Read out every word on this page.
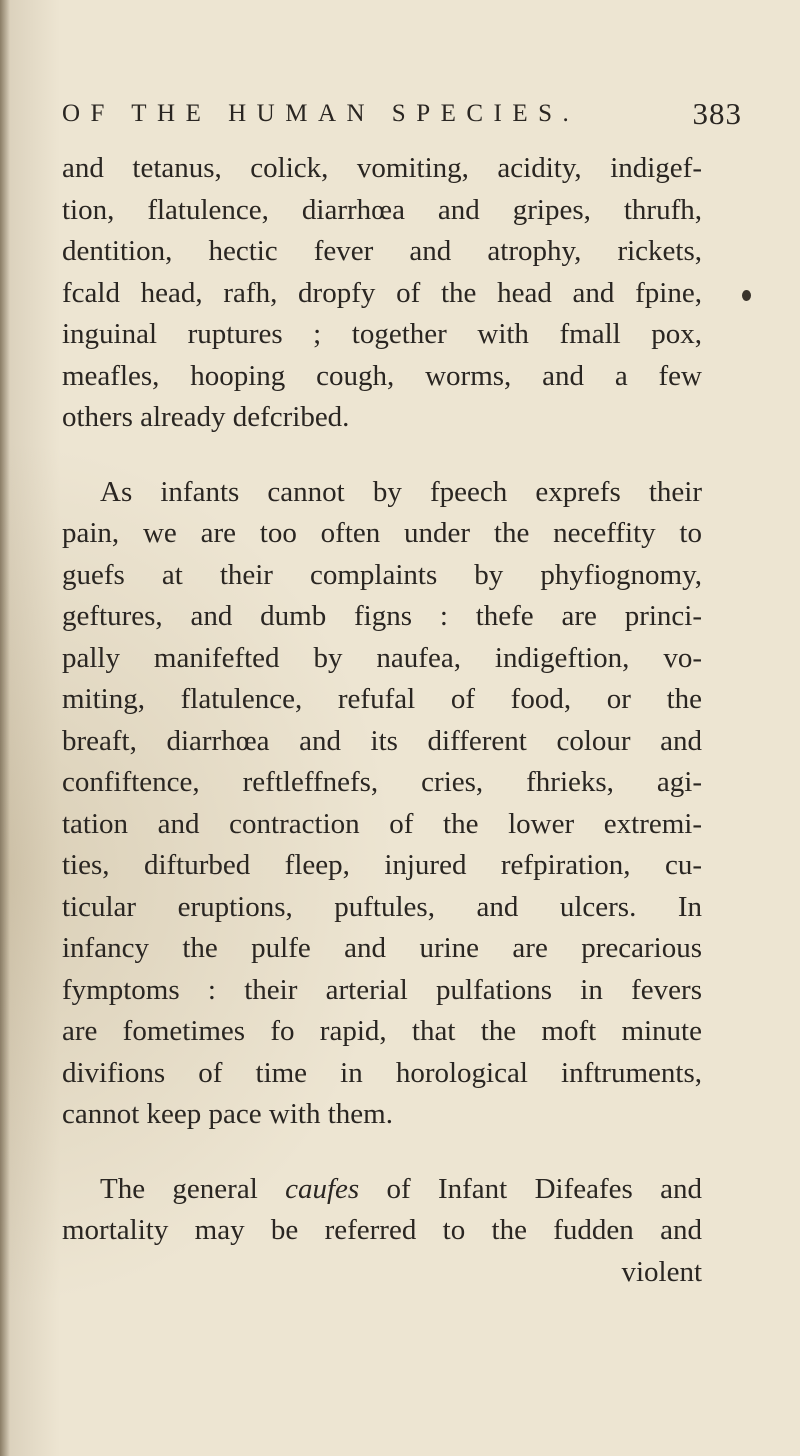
OF THE HUMAN SPECIES.	383
and tetanus, colick, vomiting, acidity, indigef-
tion, flatulence, diarrhœa and gripes, thrufh,
dentition, hectic fever and atrophy, rickets,
fcald head, rafh, dropfy of the head and fpine,
inguinal ruptures ; together with fmall pox,
meafles, hooping cough, worms, and a few
others already defcribed.
As infants cannot by fpeech exprefs their
pain, we are too often under the neceffity to
guefs at their complaints by phyfiognomy,
geftures, and dumb figns : thefe are princi-
pally manifefted by naufea, indigeftion, vo-
miting, flatulence, refufal of food, or the
breaft, diarrhœa and its different colour and
confiftence, reftleffnefs, cries, fhrieks, agi-
tation and contraction of the lower extremi-
ties, difturbed fleep, injured refpiration, cu-
ticular eruptions, puftules, and ulcers. In
infancy the pulfe and urine are precarious
fymptoms : their arterial pulfations in fevers
are fometimes fo rapid, that the moft minute
divifions of time in horological inftruments,
cannot keep pace with them.
The general caufes of Infant Difeafes and
mortality may be referred to the fudden and
violent
